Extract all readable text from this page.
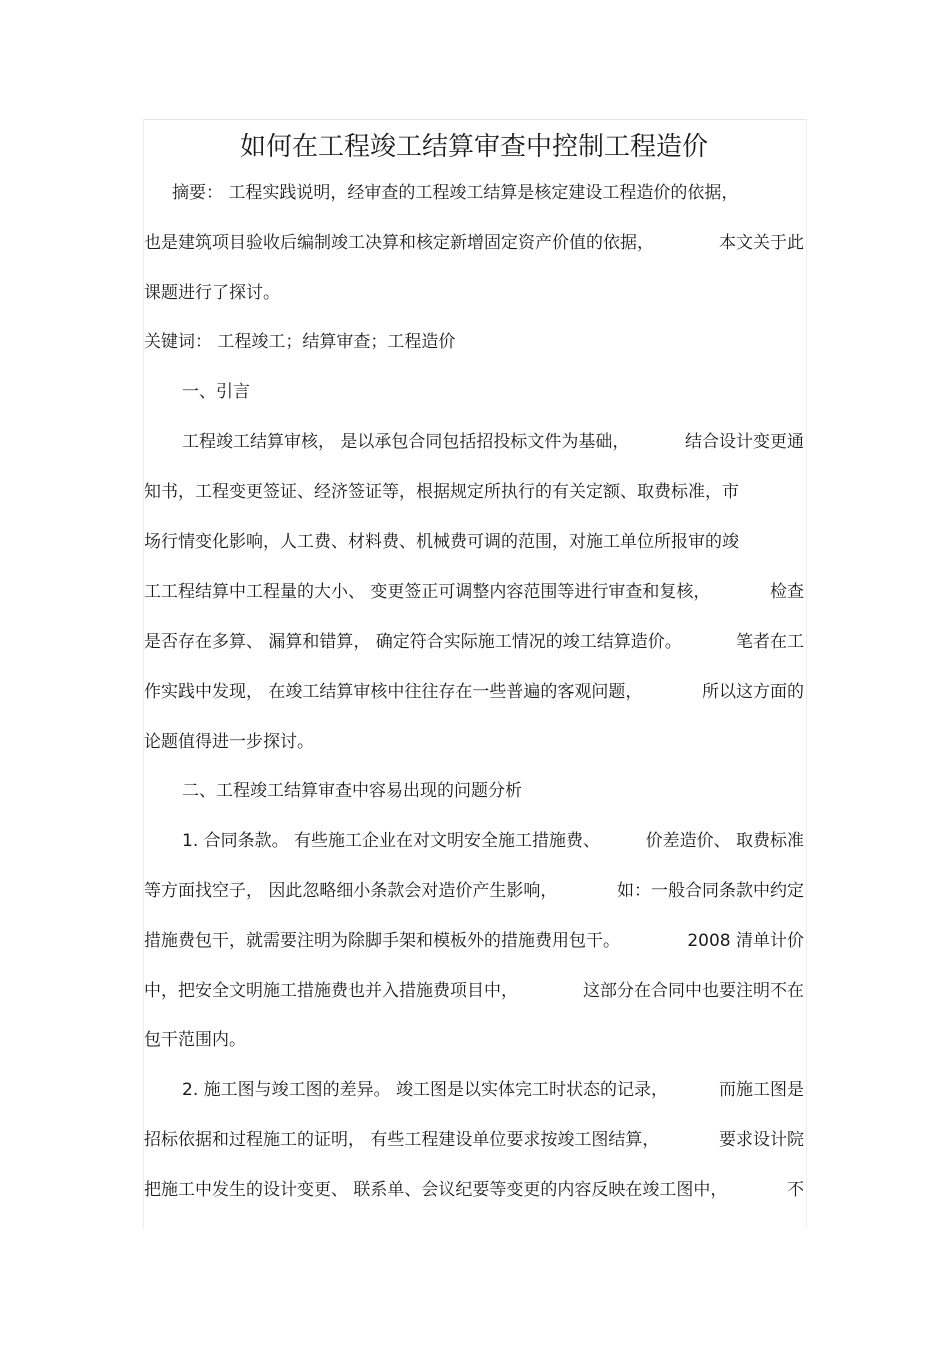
如何在工程竣工结算审查中控制工程造价
摘要： 工程实践说明，经审查的工程竣工结算是核定建设工程造价的依据，
也是建筑项目验收后编制竣工决算和核定新增固定资产价值的依据，	本文关于此
课题进行了探讨。
关键词： 工程竣工；结算审查；工程造价
一、引言
工程竣工结算审核， 是以承包合同包括招投标文件为基础，	结合设计变更通
知书，工程变更签证、经济签证等，根据规定所执行的有关定额、取费标准，市
场行情变化影响，人工费、材料费、机械费可调的范围，对施工单位所报审的竣
工工程结算中工程量的大小、 变更签正可调整内容范围等进行审查和复核，	检查
是否存在多算、 漏算和错算， 确定符合实际施工情况的竣工结算造价。	笔者在工
作实践中发现， 在竣工结算审核中往往存在一些普遍的客观问题，	所以这方面的
论题值得进一步探讨。
二、工程竣工结算审查中容易出现的问题分析
1. 合同条款。 有些施工企业在对文明安全施工措施费、	价差造价、 取费标准
等方面找空子， 因此忽略细小条款会对造价产生影响，	如：一般合同条款中约定
措施费包干，就需要注明为除脚手架和模板外的措施费用包干。	2008 清单计价
中，把安全文明施工措施费也并入措施费项目中，	这部分在合同中也要注明不在
包干范围内。
2. 施工图与竣工图的差异。 竣工图是以实体完工时状态的记录，	而施工图是
招标依据和过程施工的证明， 有些工程建设单位要求按竣工图结算，	要求设计院
把施工中发生的设计变更、 联系单、会议纪要等变更的内容反映在竣工图中，	不
